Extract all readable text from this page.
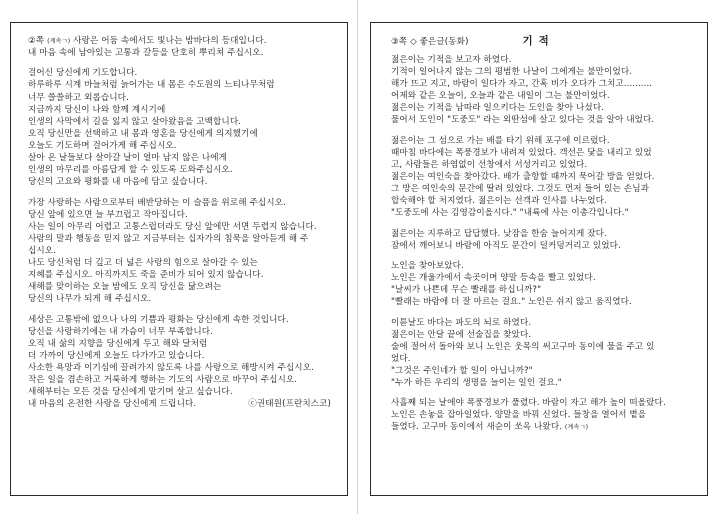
②쪽 (계속ㄱ) 사랑은 어둠 속에서도 빛나는 밤바다의 등대입니다.
내 마음 속에 남아있는 고통과 갈등을 단호히 뿌리쳐 주십시오.
걸어신 당신에게 기도합니다.
하루하루 시계 바늘처럼 늙어가는 내 몸은 수도원의 느티나무처럼
너무 쓸쓸하고 외롭습니다.
지금까지 당신이 나와 함께 계시기에
인생의 사막에서 길을 잃지 않고 살아왔음을 고백합니다.
오직 당신만을 선택하고 내 몸과 영혼을 당신에게 의지했기에
오늘도 기도하며 걸어가게 해 주십시오.
살아 온 날들보다 살아갈 날이 얼마 남지 않은 나에게
인생의 마무리를 아름답게 할 수 있도록 도와주십시오.
당신의 고요와 평화를 내 마음에 담고 싶습니다.
가장 사랑하는 사람으로부터 배반당하는 이 슬픔을 위로해 주십시오.
당신 앞에 있으면 늘 부끄럽고 작아집니다.
사는 일이 아무리 어렵고 고통스럽더라도 당신 앞에만 서면 두렵지 않습니다.
사람의 말과 행동을 믿지 않고 지금부터는 십자가의 침묵을 알아듣게 해 주
십시오.
나도 당신처럼 더 깊고 더 넓은 사랑의 힘으로 살아갈 수 있는
지혜를 주십시오. 아직까지도 죽을 준비가 되어 있지 않습니다.
새해를 맞이하는 오늘 밤에도 오직 당신을 닮으려는
당신의 나무가 되게 해 주십시오.
세상은 고통밖에 없으나 나의 기쁨과 평화는 당신에게 속한 것입니다.
당신을 사랑하기에는 내 가슴이 너무 부족합니다.
오직 내 삶의 지향을 당신에게 두고 해와 달처럼
더 가까이 당신에게 오늘도 다가가고 있습니다.
사소한 욕망과 이기심에 끌려가지 않도록 나를 사랑으로 해방시켜 주십시오.
작은 일을 겸손하고 거룩하게 행하는 기도의 사람으로 바꾸어 주십시오.
새해부터는 모든 것을 당신에게 맡기며 살고 싶습니다.
내 마음의 온전한 사랑을 당신에게 드립니다.	ⓒ권태원(프란치스코)
③쪽 ◇ 좋은글(동화)	기적
젊은이는 기적을 보고자 하였다.
기적이 일어나지 않는 그의 평범한 나날이 그에게는 불만이었다.
해가 뜨고 지고, 바람이 일다가 자고, 간혹 비가 오다가 그치고..........
어제와 같은 오늘이, 오늘과 같은 내일이 그는 불만이었다.
젊은이는 기적을 남따라 일으키다는 도인을 찾아 나섰다.
물어서 도인이 "도중도" 라는 외딴섬에 살고 있다는 것을 알아 내었다.
젊은이는 그 섬으로 가는 배를 타기 위해 포구에 이르렀다.
때마침 바다에는 폭풍경보가 내려져 있었다. 객선은 닻을 내리고 있었
고, 사람들은 하염없이 선창에서 서성거리고 있었다.
젊은이는 여인숙을 찾아갔다. 배가 출항할 때까지 묵어갈 방을 얻었다.
그 방은 여인숙의 문간에 딸려 있었다. 그것도 먼저 들어 있는 손님과
합숙해야 할 처지였다. 젊은이는 선객과 인사를 나누었다.
"도중도에 사는 김영감이올시다." "내륙에 사는 이총각입니다."
젊은이는 지루하고 답답했다. 낮잠을 한숨 늘어지게 잤다.
잠에서 깨어보니 바람에 아직도 문간이 덜커덩거리고 있었다.
노인을 찾아보았다.
노인은 개울가에서 속곳이며 양말 등속을 빨고 있었다.
"날씨가 나쁜데 무슨 빨래를 하십니까?"
"빨래는 바람에 더 잘 마르는 걸요." 노인은 쉬지 않고 움직였다.
이튿날도 바다는 파도의 뇌로 하였다.
젊은이는 안달 끝에 선술집을 찾았다.
술에 절어서 돌아와 보니 노인은 웃목의 써고구마 동이에 물을 주고 있
었다.
"그것은 주인네가 할 일이 아닙니까?"
"누가 하든 우리의 생명을 늘이는 일인 걸요."
사흘째 되는 날에야 폭풍경보가 풀렸다. 바람이 자고 해가 높이 떠올랐다.
노인은 손놓을 잡아일었다. 양말을 바꿔 신었다. 들창을 열어서 볕을
들였다. 고구마 동이에서 새순이 쏘옥 나왔다. (계속ㄱ)
